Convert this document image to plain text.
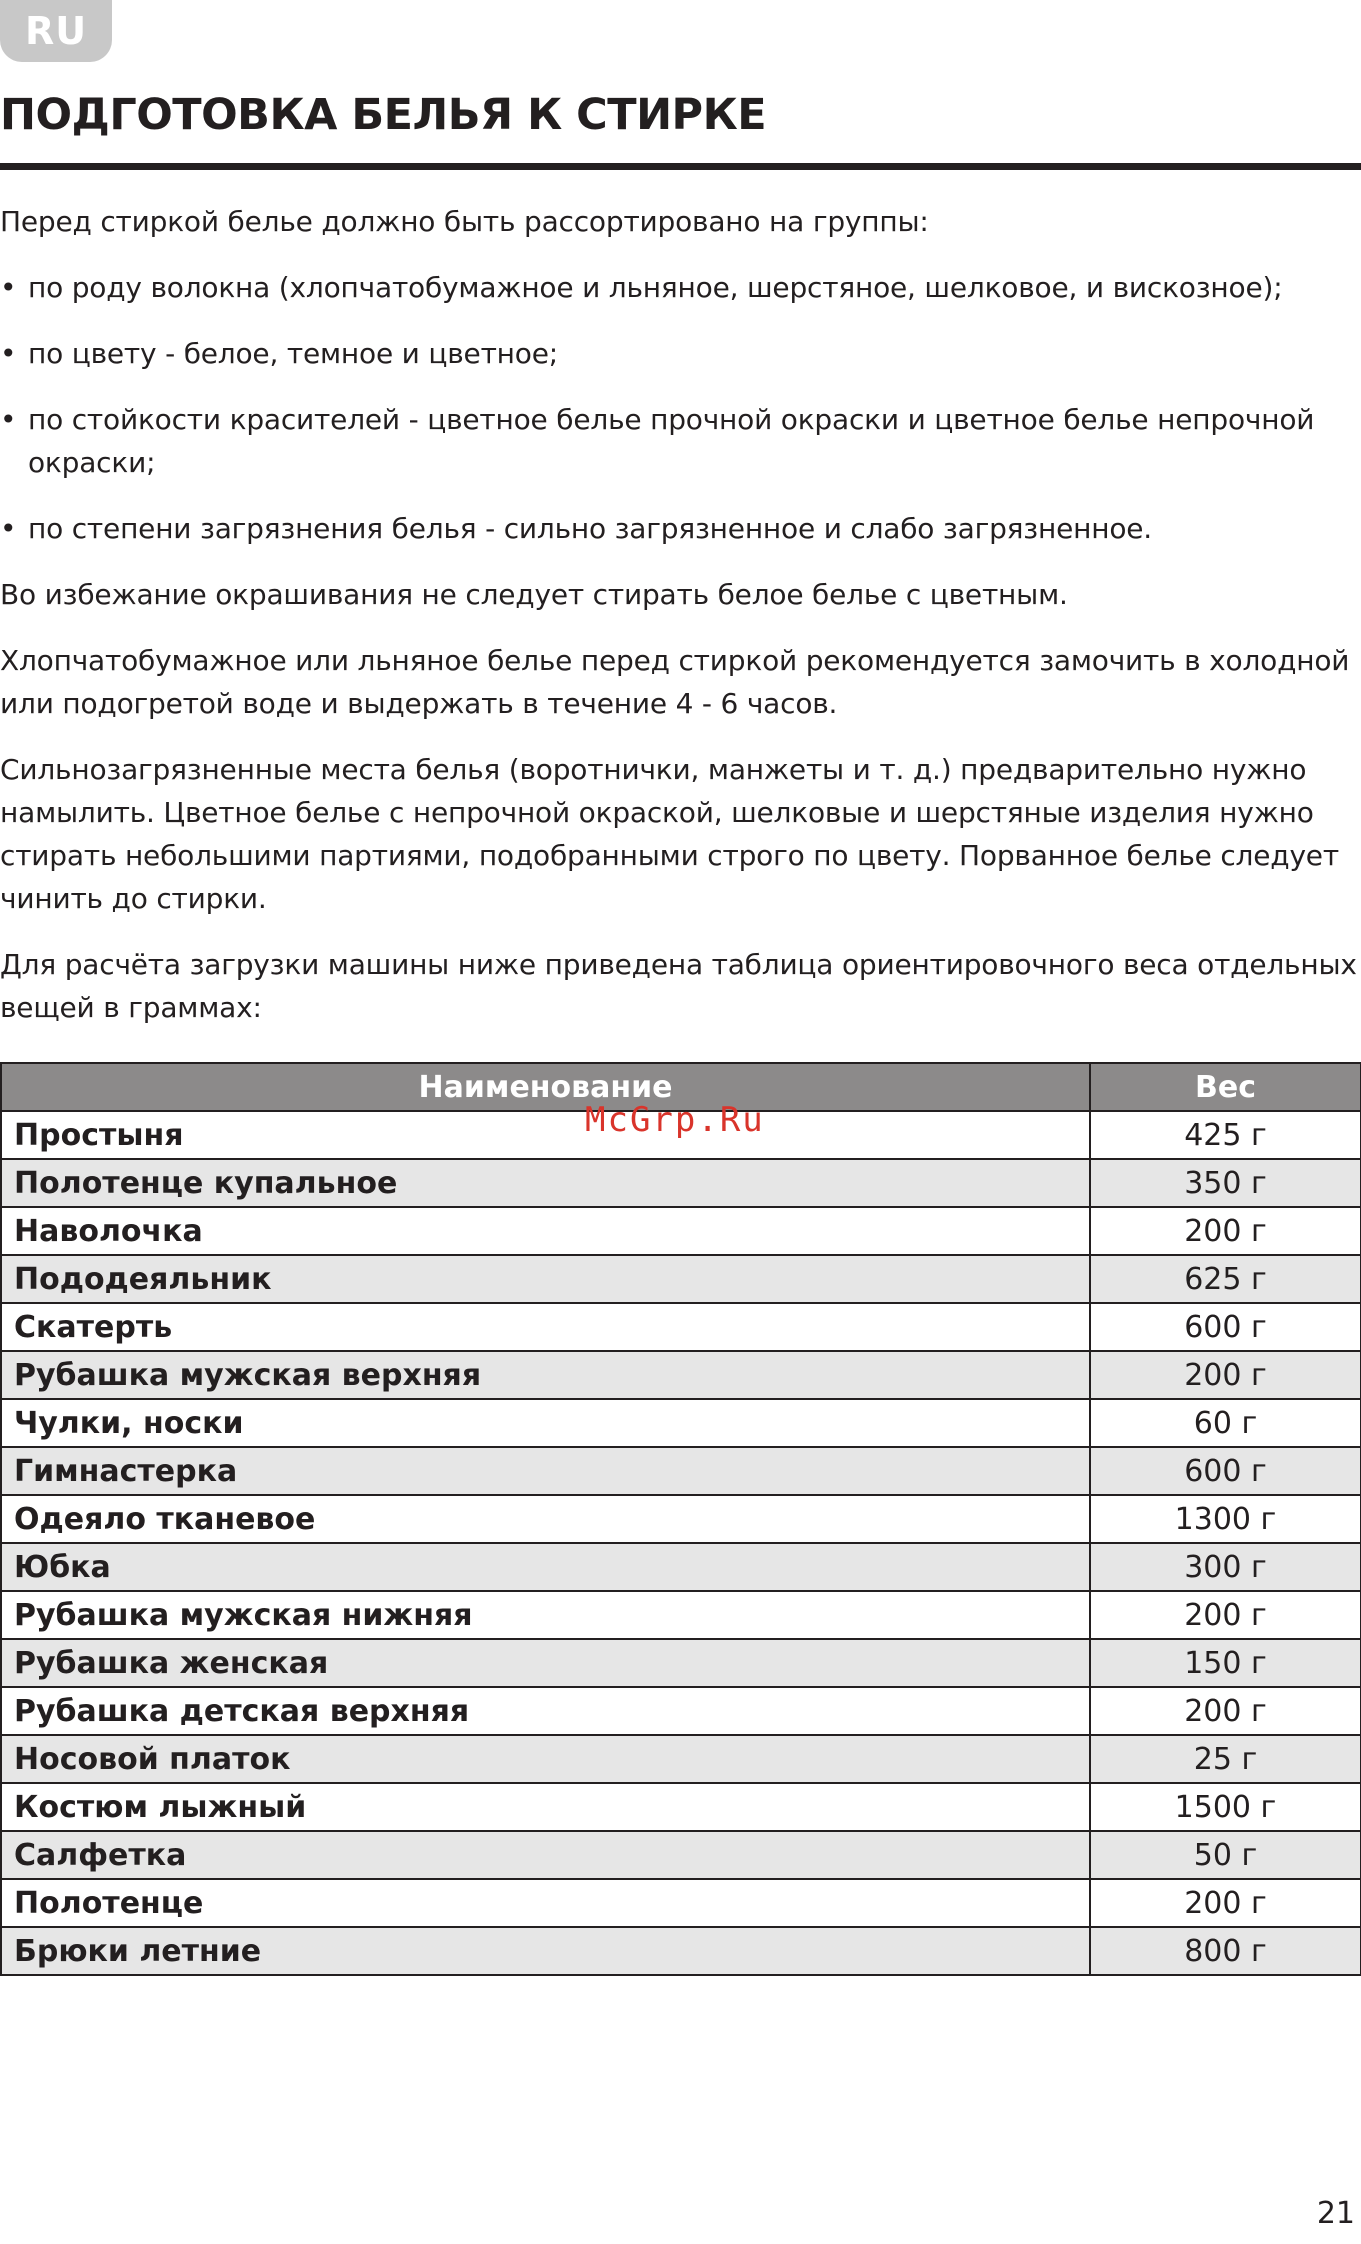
RU
ПОДГОТОВКА БЕЛЬЯ К СТИРКЕ

Перед стиркой белье должно быть рассортировано на группы:

• по роду волокна (хлопчатобумажное и льняное, шерстяное, шелковое, и вискозное);
• по цвету - белое, темное и цветное;
• по стойкости красителей - цветное белье прочной окраски и цветное белье непрочной окраски;
• по степени загрязнения белья - сильно загрязненное и слабо загрязненное.

Во избежание окрашивания не следует стирать белое белье с цветным.

Хлопчатобумажное или льняное белье перед стиркой рекомендуется замочить в холодной или подогретой воде и выдержать в течение 4 - 6 часов.

Сильнозагрязненные места белья (воротнички, манжеты и т. д.) предварительно нужно намылить. Цветное белье с непрочной окраской, шелковые и шерстяные изделия нужно стирать небольшими партиями, подобранными строго по цвету. Порванное белье следует чинить до стирки.

Для расчёта загрузки машины ниже приведена таблица ориентировочного веса отдельных вещей в граммах:

Наименование	Вес
Простыня	425 г
Полотенце купальное	350 г
Наволочка	200 г
Пододеяльник	625 г
Скатерть	600 г
Рубашка мужская верхняя	200 г
Чулки, носки	60 г
Гимнастерка	600 г
Одеяло тканевое	1300 г
Юбка	300 г
Рубашка мужская нижняя	200 г
Рубашка женская	150 г
Рубашка детская верхняя	200 г
Носовой платок	25 г
Костюм лыжный	1500 г
Салфетка	50 г
Полотенце	200 г
Брюки летние	800 г
McGrp.Ru
21
